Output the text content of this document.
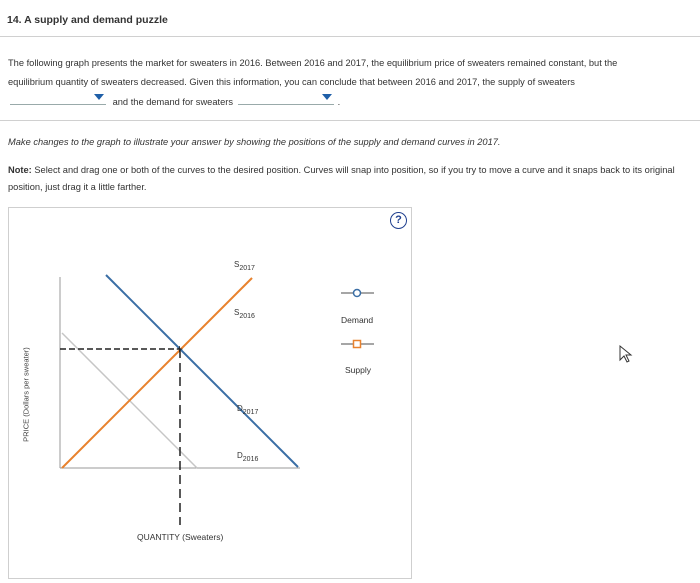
14. A supply and demand puzzle
The following graph presents the market for sweaters in 2016. Between 2016 and 2017, the equilibrium price of sweaters remained constant, but the
equilibrium quantity of sweaters decreased. Given this information, you can conclude that between 2016 and 2017, the supply of sweaters

and the demand for sweaters	.
Make changes to the graph to illustrate your answer by showing the positions of the supply and demand curves in 2017.
Note: Select and drag one or both of the curves to the desired position. Curves will snap into position, so if you try to move a curve and it snaps back to its original position, just drag it a little farther.
?
+
PRICE (Dollars per sweater)
QUANTITY (Sweaters)
$S_{2017}$
$S_{2016}$
$D_{2017}$
$D_{2016}$
Demand
Supply
